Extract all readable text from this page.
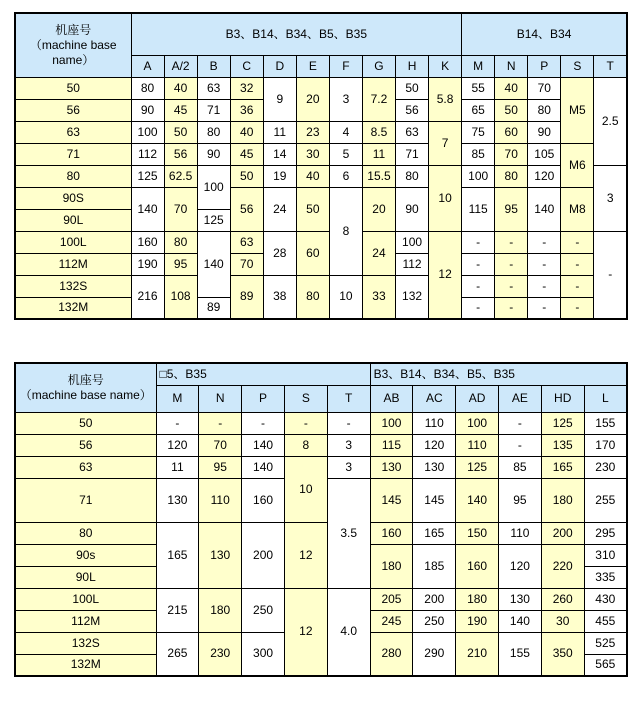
机座号
（machine base
name）	B3、B14、B34、B5、B35										B14、B34				
	A	A/2	B	C	D	E	F	G	H	K	M	N	P	S	T
50	80	40	63	32	9	20	3	7.2	50	5.8	55	40	70	M5	2.5
56	90	45	71	36					56		65	50	80		
63	100	50	80	40	11	23	4	8.5	63	7	75	60	90		
71	112	56	90	45	14	30	5	11	71		85	70	105	M6	
80	125	62.5	100	50	19	40	6	15.5	80	10	100	80	120		3
90S	140	70		56	24	50	8	20	90		115	95	140	M8	
90L			125												
100L	160	80	140	63	28	60		24	100	12	-	-	-	-	-
112M	190	95		70					112		-	-	-	-	
132S	216	108		89	38	80	10	33	132		-	-	-	-	
132M			89								-	-	-	-	
机座号
（machine base name）	□5、B35					B3、B14、B34、B5、B35					
	M	N	P	S	T	AB	AC	AD	AE	HD	L
50	-	-	-	-	-	100	110	100	-	125	155
56	120	70	140	8	3	115	120	110	-	135	170
63	11	95	140	10	3	130	130	125	85	165	230
71	130	110	160		3.5	145	145	140	95	180	255
80	165	130	200	12		160	165	150	110	200	295
90s						180	185	160	120	220	310
90L											335
100L	215	180	250	12	4.0	205	200	180	130	260	430
112M						245	250	190	140	30	455
132S	265	230	300			280	290	210	155	350	525
132M											565
